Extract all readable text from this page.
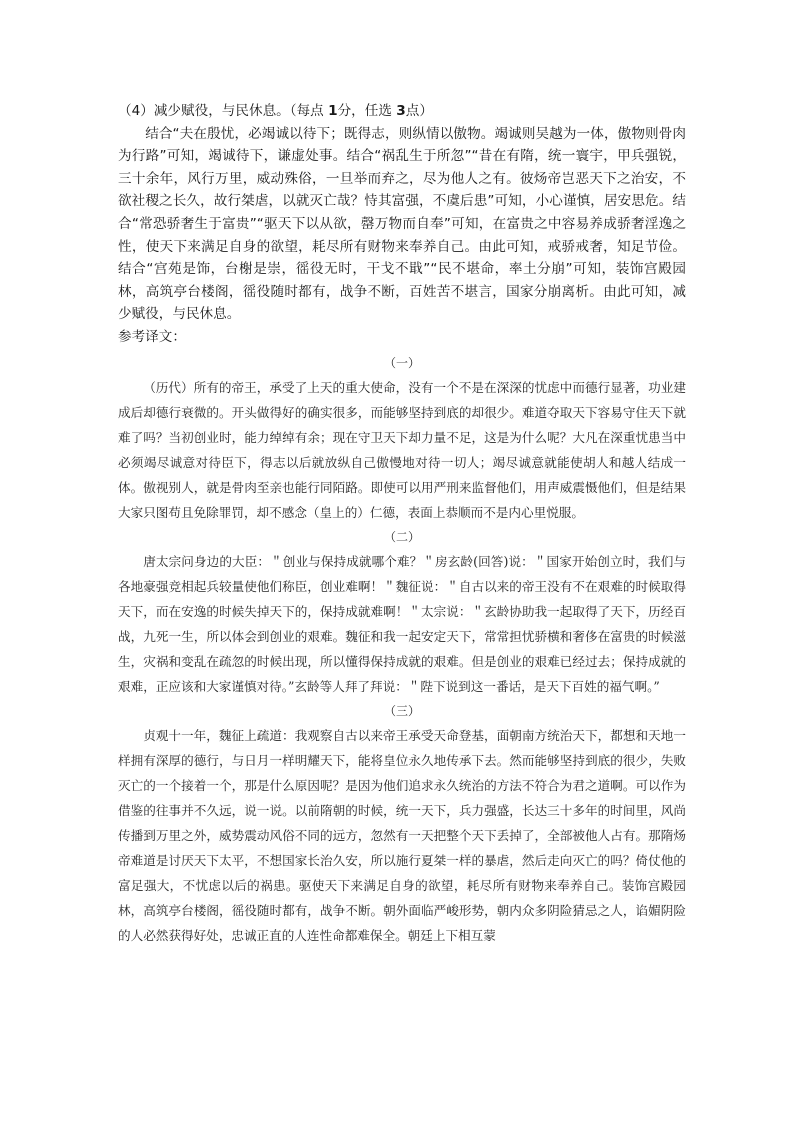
（4）减少赋役，与民休息。（每点 1分，任选 3点）

结合“夫在殷忧，必竭诚以待下；既得志，则纵情以傲物。竭诚则吴越为一体，傲物则骨肉为行路”可知，竭诚待下，谦虚处事。结合“祸乱生于所忽”“昔在有隋，统一寰宇，甲兵强锐，三十余年，风行万里，威动殊俗，一旦举而弃之，尽为他人之有。彼炀帝岂恶天下之治安，不欲社稷之长久，故行桀虐，以就灭亡哉？恃其富强，不虞后患”可知，小心谨慎，居安思危。结合“常恐骄奢生于富贵”“驱天下以从欲，罄万物而自奉”可知，在富贵之中容易养成骄奢淫逸之性，使天下来满足自身的欲望，耗尽所有财物来奉养自己。由此可知，戒骄戒奢，知足节俭。结合“宫苑是饰，台榭是崇，徭役无时，干戈不戢”“民不堪命，率土分崩”可知，装饰宫殿园林，高筑亭台楼阁，徭役随时都有，战争不断，百姓苦不堪言，国家分崩离析。由此可知，减少赋役，与民休息。

参考译文：

（一）

（历代）所有的帝王，承受了上天的重大使命，没有一个不是在深深的忧虑中而德行显著，功业建成后却德行衰微的。开头做得好的确实很多，而能够坚持到底的却很少。难道夺取天下容易守住天下就难了吗？当初创业时，能力绰绰有余；现在守卫天下却力量不足，这是为什么呢？大凡在深重忧患当中必须竭尽诚意对待臣下，得志以后就放纵自己傲慢地对待一切人；竭尽诚意就能使胡人和越人结成一体。傲视别人，就是骨肉至亲也能行同陌路。即使可以用严刑来监督他们，用声威震慑他们，但是结果大家只图苟且免除罪罚，却不感念（皇上的）仁德，表面上恭顺而不是内心里悦服。

（二）

唐太宗问身边的大臣：＂创业与保持成就哪个难？＂房玄龄(回答)说：＂国家开始创立时，我们与各地豪强竞相起兵较量使他们称臣，创业难啊！＂魏征说：＂自古以来的帝王没有不在艰难的时候取得天下，而在安逸的时候失掉天下的，保持成就难啊！＂太宗说：＂玄龄协助我一起取得了天下，历经百战，九死一生，所以体会到创业的艰难。魏征和我一起安定天下，常常担忧骄横和奢侈在富贵的时候滋生，灾祸和变乱在疏忽的时候出现，所以懂得保持成就的艰难。但是创业的艰难已经过去；保持成就的艰难，正应该和大家谨慎对待。”玄龄等人拜了拜说：＂陛下说到这一番话，是天下百姓的福气啊。”

（三）

贞观十一年，魏征上疏道：我观察自古以来帝王承受天命登基，面朝南方统治天下，都想和天地一样拥有深厚的德行，与日月一样明耀天下，能将皇位永久地传承下去。然而能够坚持到底的很少，失败灭亡的一个接着一个，那是什么原因呢？是因为他们追求永久统治的方法不符合为君之道啊。可以作为借鉴的往事并不久远，说一说。以前隋朝的时候，统一天下，兵力强盛，长达三十多年的时间里，风尚传播到万里之外，威势震动风俗不同的远方，忽然有一天把整个天下丢掉了，全部被他人占有。那隋炀帝难道是讨厌天下太平，不想国家长治久安，所以施行夏桀一样的暴虐，然后走向灭亡的吗？倚仗他的富足强大，不忧虑以后的祸患。驱使天下来满足自身的欲望，耗尽所有财物来奉养自己。装饰宫殿园林，高筑亭台楼阁，徭役随时都有，战争不断。朝外面临严峻形势，朝内众多阴险猜忌之人，谄媚阴险的人必然获得好处，忠诚正直的人连性命都难保全。朝廷上下相互蒙
